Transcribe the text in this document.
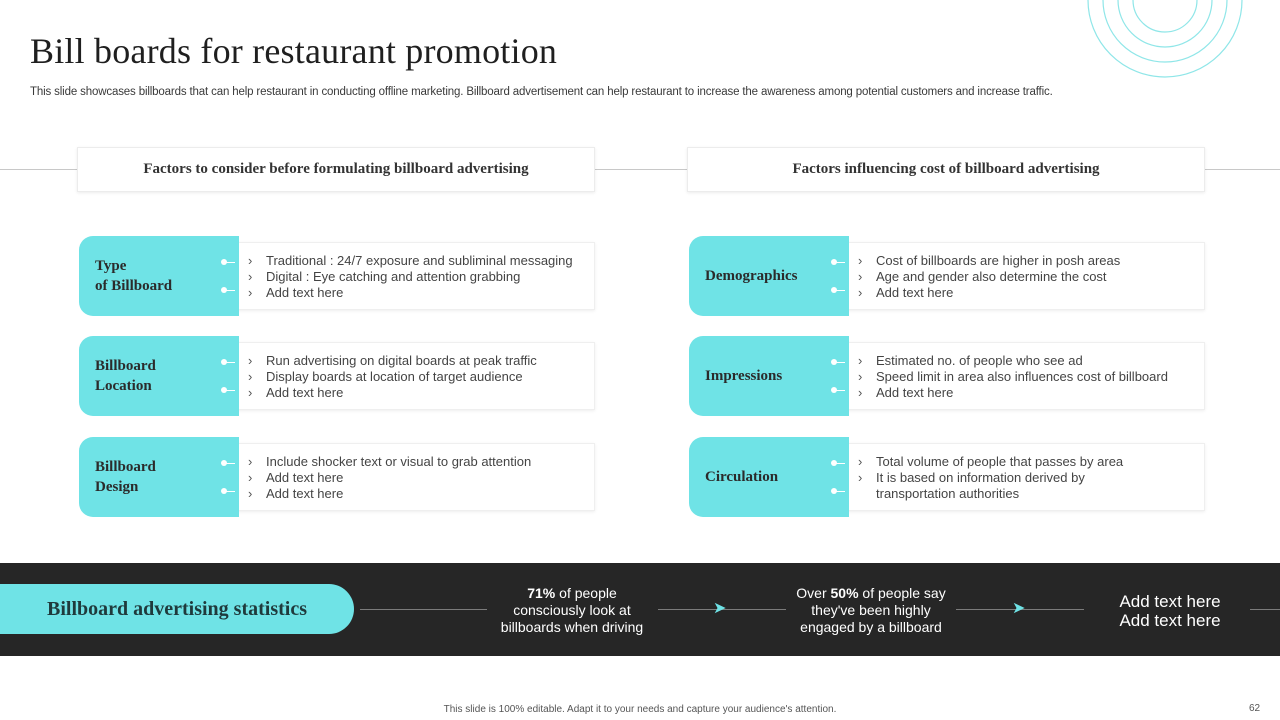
Bill boards for restaurant promotion
This slide showcases billboards that can help restaurant in conducting offline marketing. Billboard advertisement can help restaurant to increase the awareness among potential customers and increase traffic.
Factors to consider before formulating billboard advertising	Factors influencing cost of billboard advertising
› Traditional : 24/7 exposure and subliminal messaging
› Digital : Eye catching and attention grabbing
› Add text here
Type
of Billboard
› Run advertising on digital boards at peak traffic
› Display boards at location of target audience
› Add text here
Billboard
Location
› Include shocker text or visual to grab attention
› Add text here
› Add text here
Billboard
Design
› Cost of billboards are higher in posh areas
› Age and gender also determine the cost
› Add text here
Demographics
› Estimated no. of people who see ad
› Speed limit in area also influences cost of billboard
› Add text here
Impressions
› Total volume of people that passes by area
› It is based on information derived by
transportation authorities
Circulation
Billboard advertising statistics
71% of people
consciously look at
billboards when driving
➤
Over 50% of people say
they've been highly
engaged by a billboard
➤	Add text here
Add text here
This slide is 100% editable. Adapt it to your needs and capture your audience's attention.	62
